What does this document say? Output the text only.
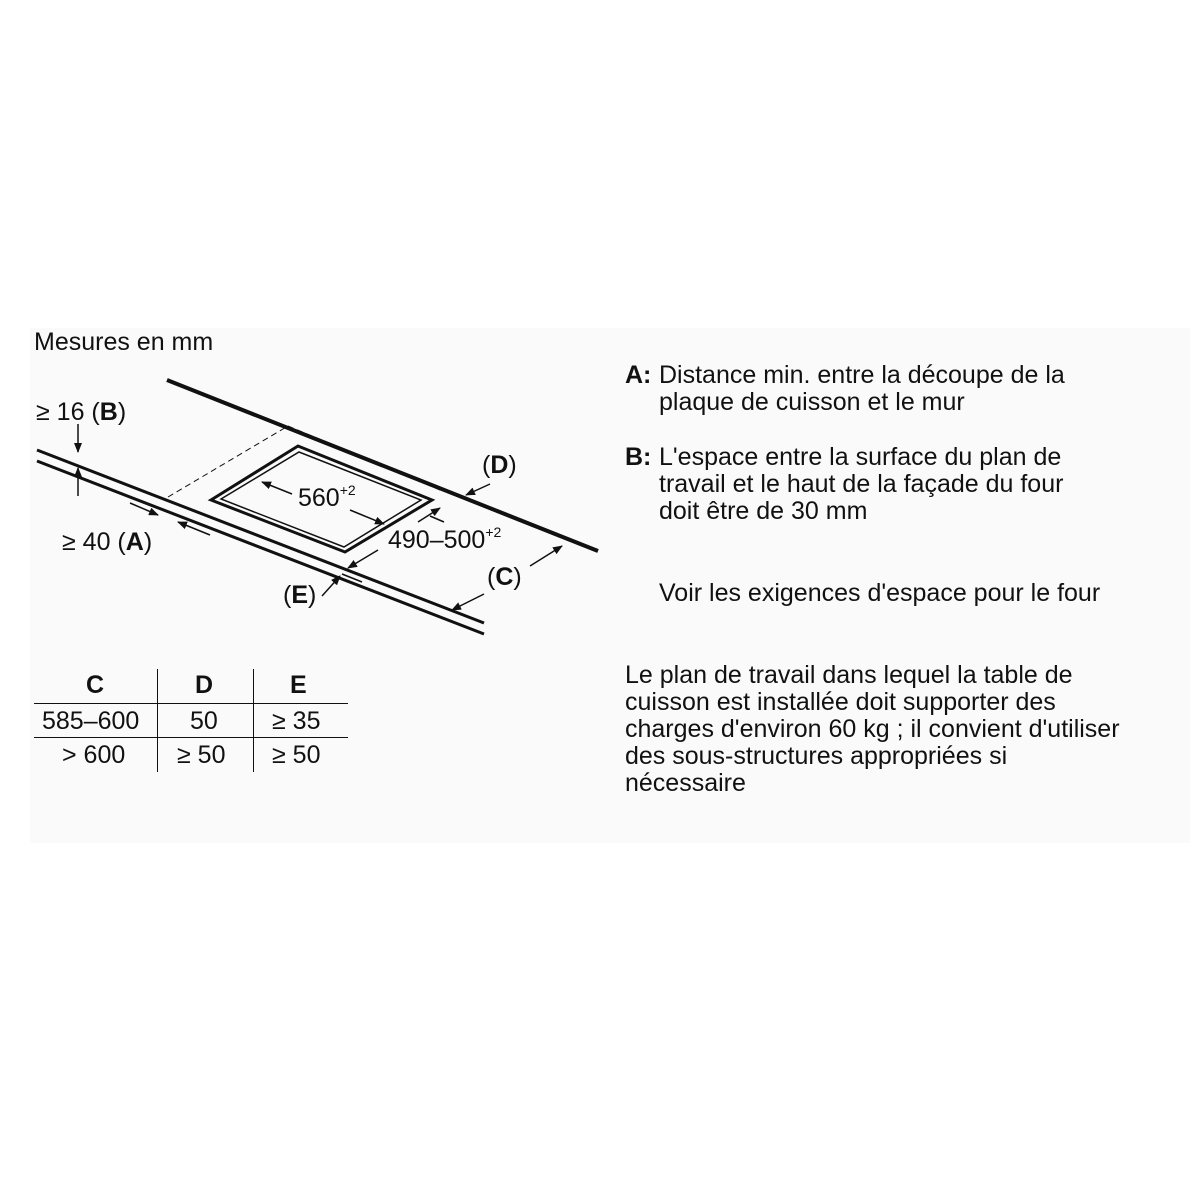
≥ 16 (B)
≥ 40 (A)
$560^{+2}$
$490-500^{+2}$
(D)
(C)
(E)
Mesures en mm
C	D	E
585–600 50 ≥ 35
> 600 ≥ 50 ≥ 50
A: Distance min. entre la découpe de la
plaque de cuisson et le mur
B: L'espace entre la surface du plan de
travail et le haut de la façade du four
doit être de 30 mm
Voir les exigences d'espace pour le four
Le plan de travail dans lequel la table de
cuisson est installée doit supporter des
charges d'environ 60 kg ; il convient d'utiliser
des sous-structures appropriées si
nécessaire
